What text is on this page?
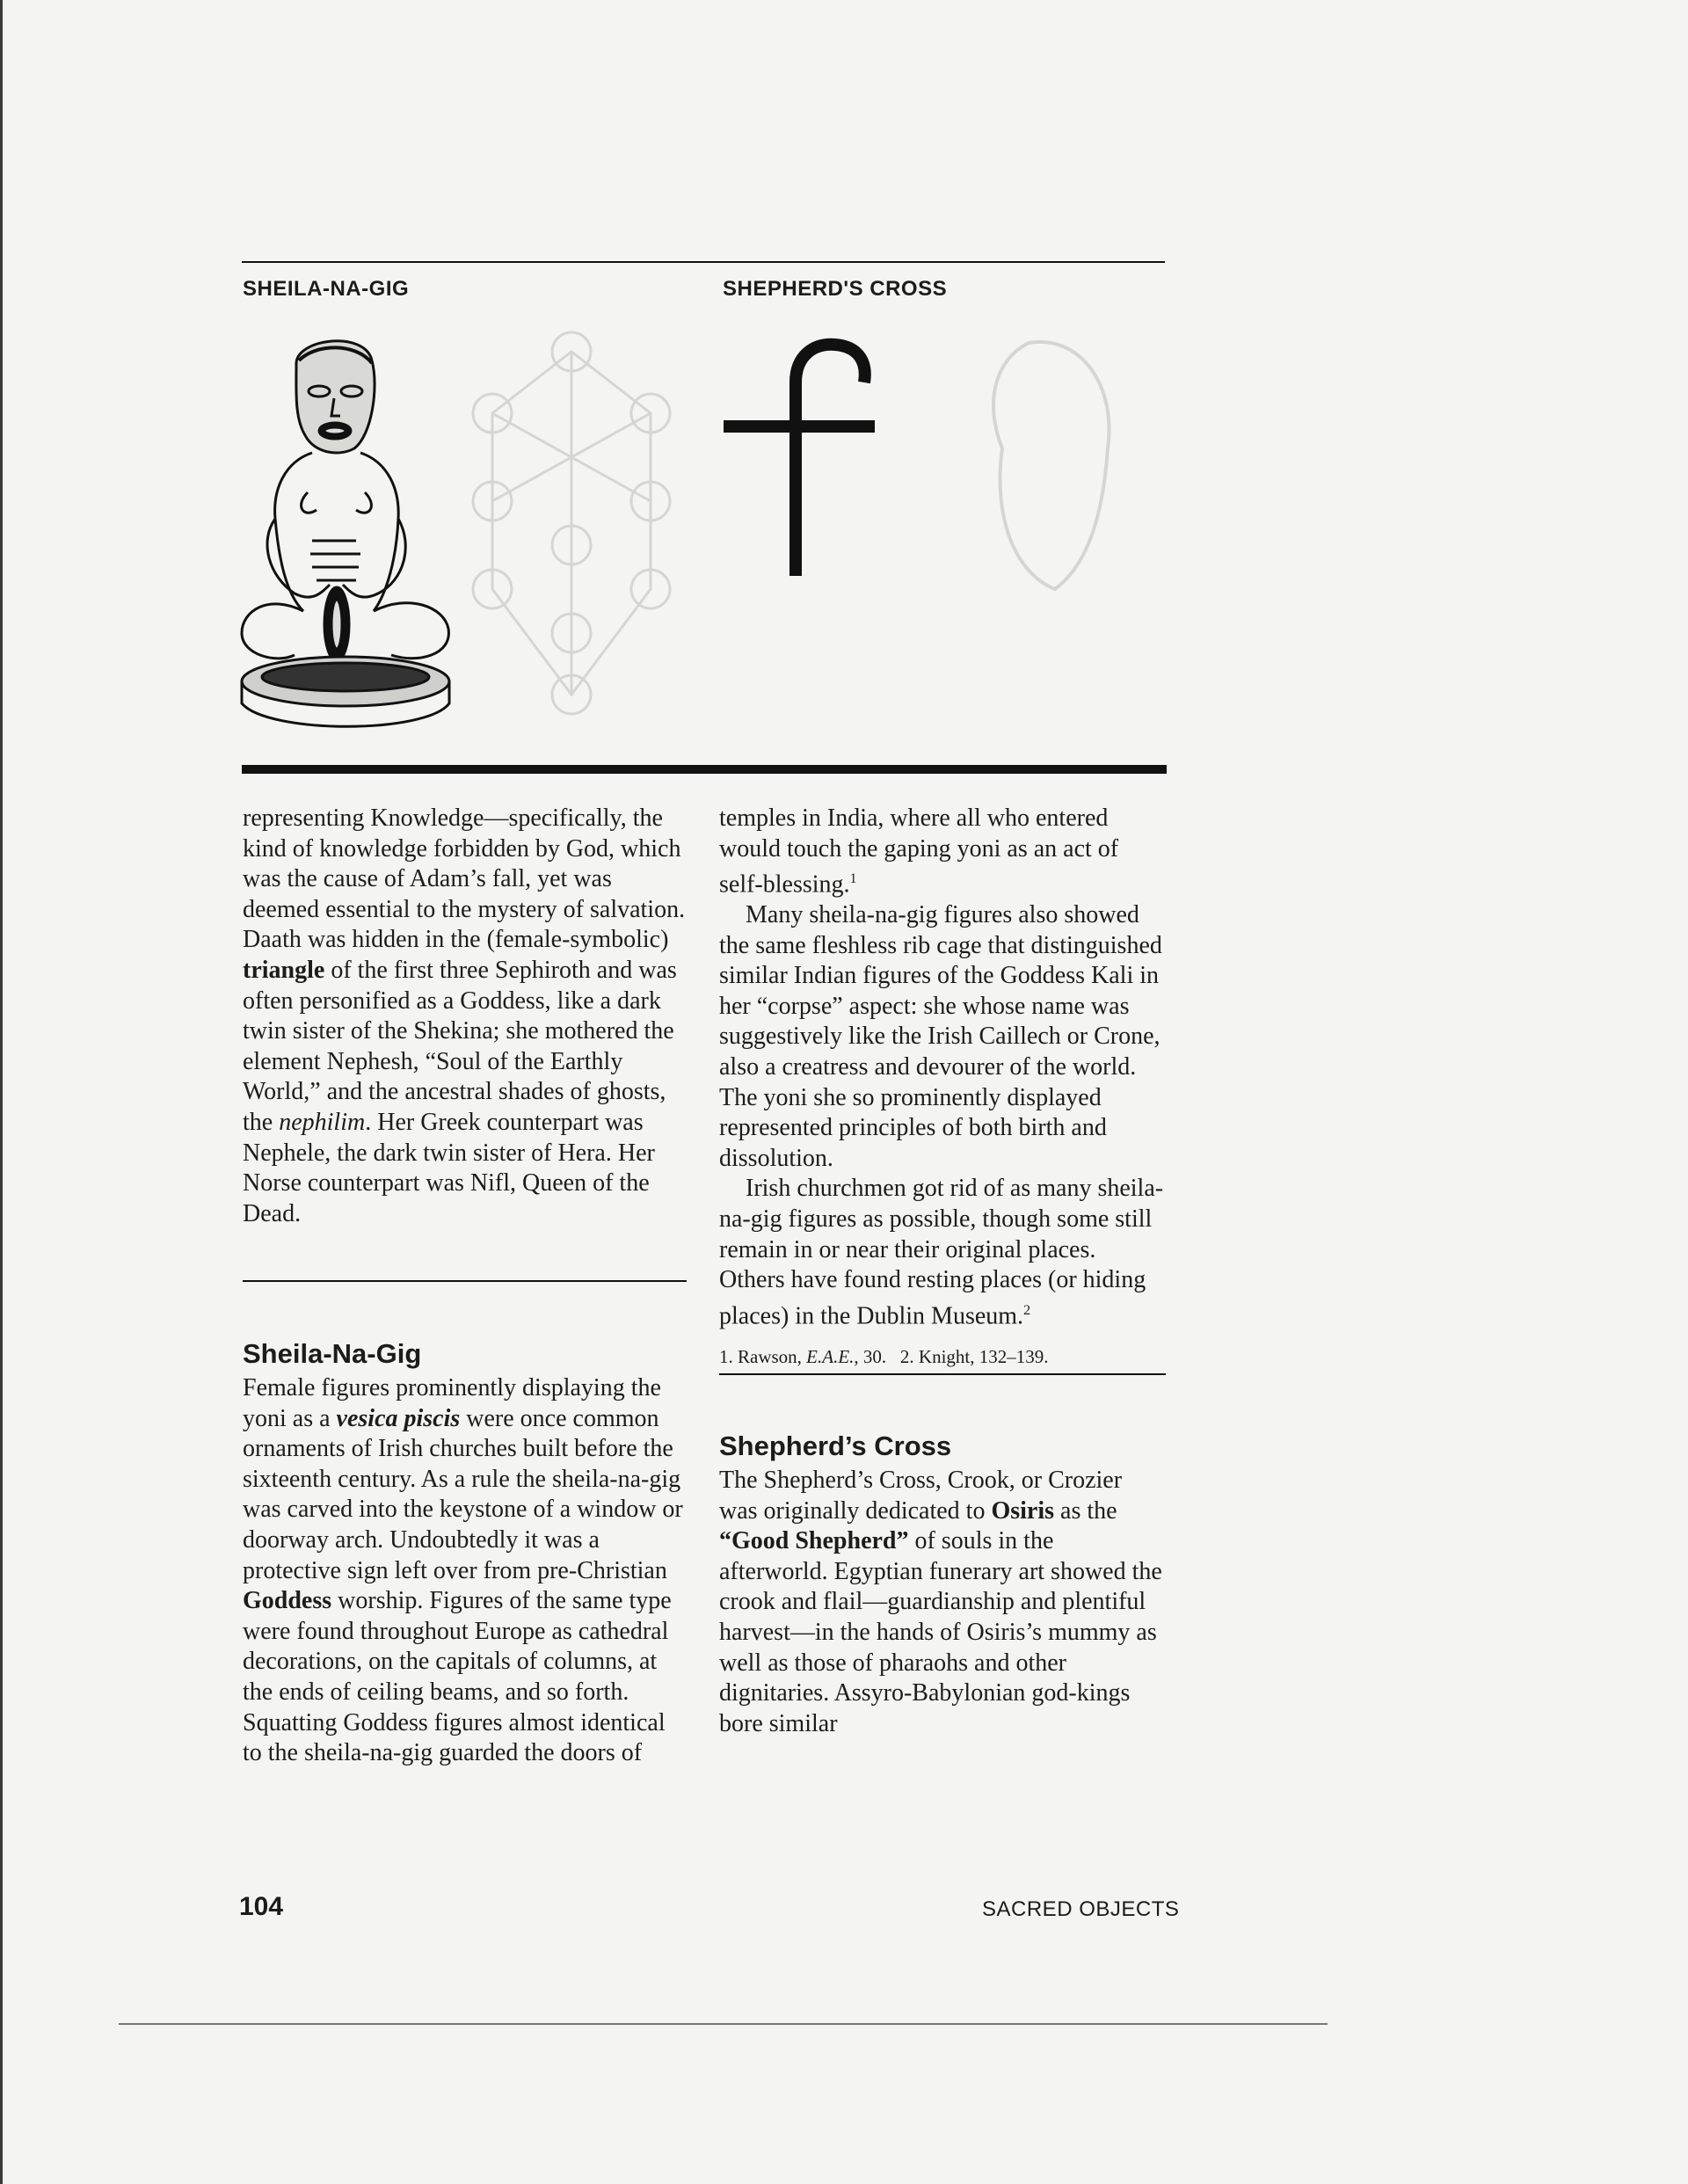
SHEILA-NA-GIG	SHEPHERD'S CROSS

representing Knowledge—specifically, the kind of knowledge forbidden by God, which was the cause of Adam’s fall, yet was deemed essential to the mystery of salvation. Daath was hidden in the (female-symbolic) triangle of the first three Sephiroth and was often personified as a Goddess, like a dark twin sister of the Shekina; she mothered the element Nephesh, “Soul of the Earthly World,” and the ancestral shades of ghosts, the nephilim. Her Greek counterpart was Nephele, the dark twin sister of Hera. Her Norse counterpart was Nifl, Queen of the Dead.

Sheila-Na-Gig

Female figures prominently displaying the yoni as a vesica piscis were once common ornaments of Irish churches built before the sixteenth century. As a rule the sheila-na-gig was carved into the keystone of a window or doorway arch. Undoubtedly it was a protective sign left over from pre-Christian Goddess worship. Figures of the same type were found throughout Europe as cathedral decorations, on the capitals of columns, at the ends of ceiling beams, and so forth. Squatting Goddess figures almost identical to the sheila-na-gig guarded the doors of

temples in India, where all who entered would touch the gaping yoni as an act of self-blessing.$^1$

Many sheila-na-gig figures also showed the same fleshless rib cage that distinguished similar Indian figures of the Goddess Kali in her “corpse” aspect: she whose name was suggestively like the Irish Caillech or Crone, also a creatress and devourer of the world. The yoni she so prominently displayed represented principles of both birth and dissolution.

Irish churchmen got rid of as many sheila-na-gig figures as possible, though some still remain in or near their original places. Others have found resting places (or hiding places) in the Dublin Museum.$^2$

1. Rawson, E.A.E., 30. 2. Knight, 132–139.

Shepherd’s Cross

The Shepherd’s Cross, Crook, or Crozier was originally dedicated to Osiris as the “Good Shepherd” of souls in the afterworld. Egyptian funerary art showed the crook and flail—guardianship and plentiful harvest—in the hands of Osiris’s mummy as well as those of pharaohs and other dignitaries. Assyro-Babylonian god-kings bore similar

104	SACRED OBJECTS
